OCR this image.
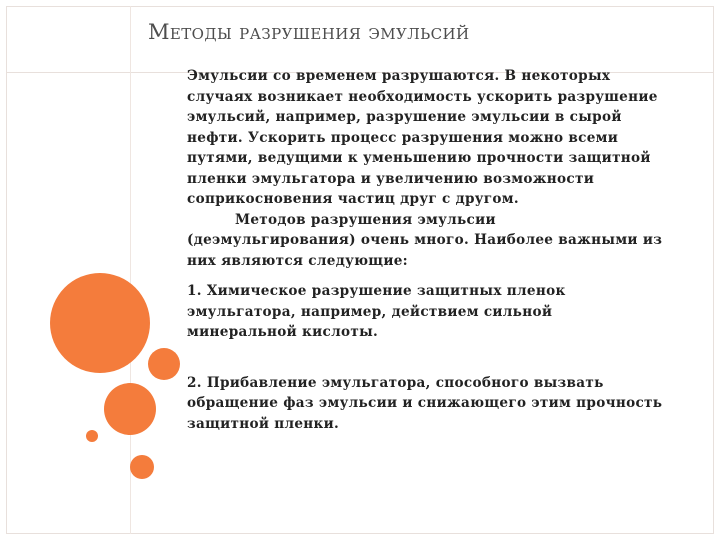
Методы разрушения эмульсий

Эмульсии со временем разрушаются. В некоторых случаях возникает необходимость ускорить разрушение эмульсий, например, разрушение эмульсии в сырой нефти. Ускорить процесс разрушения можно всеми путями, ведущими к уменьшению прочности защитной пленки эмульгатора и увеличению возможности соприкосновения частиц друг с другом.

Методов разрушения эмульсии (деэмульгирования) очень много. Наиболее важными из них являются следующие:

1. Химическое разрушение защитных пленок эмульгатора, например, действием сильной минеральной кислоты.

2. Прибавление эмульгатора, способного вызвать обращение фаз эмульсии и снижающего этим прочность защитной пленки.
